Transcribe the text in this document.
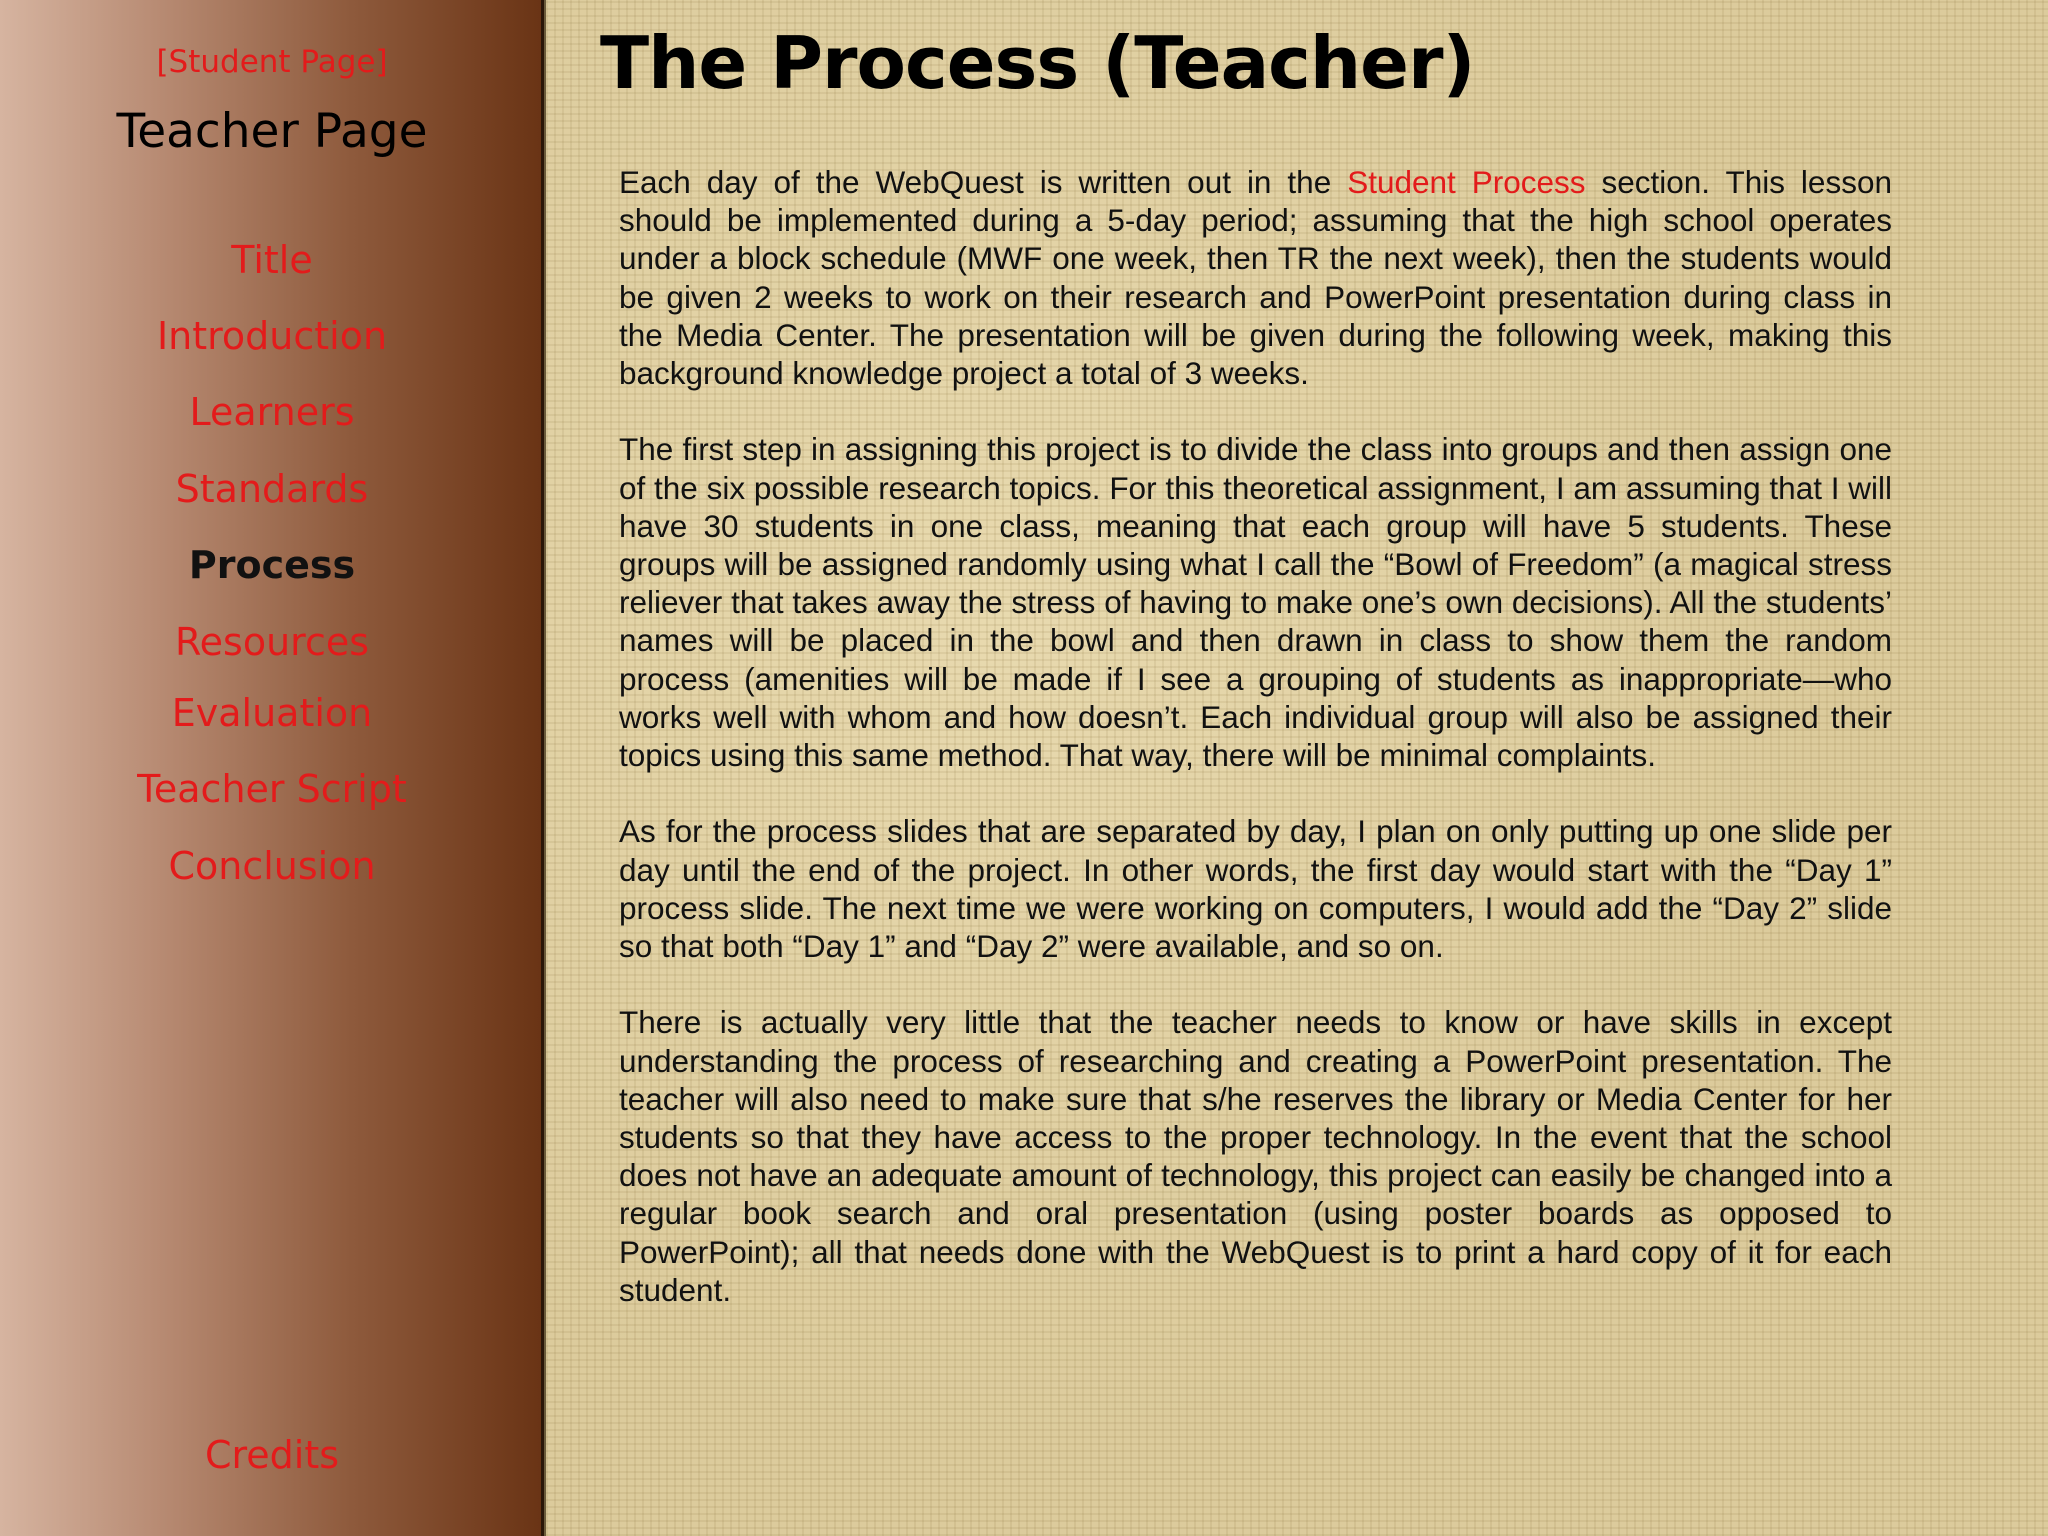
[Student Page]
Teacher Page
Title
Introduction
Learners
Standards
Process
Resources
Evaluation
Teacher Script
Conclusion
Credits
The Process (Teacher)

Each day of the WebQuest is written out in the Student Process section. This lesson should be implemented during a 5-day period; assuming that the high school operates under a block schedule (MWF one week, then TR the next week), then the students would be given 2 weeks to work on their research and PowerPoint presentation during class in the Media Center. The presentation will be given during the following week, making this background knowledge project a total of 3 weeks.

The first step in assigning this project is to divide the class into groups and then assign one of the six possible research topics. For this theoretical assignment, I am assuming that I will have 30 students in one class, meaning that each group will have 5 students. These groups will be assigned randomly using what I call the “Bowl of Freedom” (a magical stress reliever that takes away the stress of having to make one’s own decisions). All the students’ names will be placed in the bowl and then drawn in class to show them the random process (amenities will be made if I see a grouping of students as inappropriate—who works well with whom and how doesn’t. Each individual group will also be assigned their topics using this same method. That way, there will be minimal complaints.

As for the process slides that are separated by day, I plan on only putting up one slide per day until the end of the project. In other words, the first day would start with the “Day 1” process slide. The next time we were working on computers, I would add the “Day 2” slide so that both “Day 1” and “Day 2” were available, and so on.

There is actually very little that the teacher needs to know or have skills in except understanding the process of researching and creating a PowerPoint presentation. The teacher will also need to make sure that s/he reserves the library or Media Center for her students so that they have access to the proper technology. In the event that the school does not have an adequate amount of technology, this project can easily be changed into a regular book search and oral presentation (using poster boards as opposed to PowerPoint); all that needs done with the WebQuest is to print a hard copy of it for each student.
